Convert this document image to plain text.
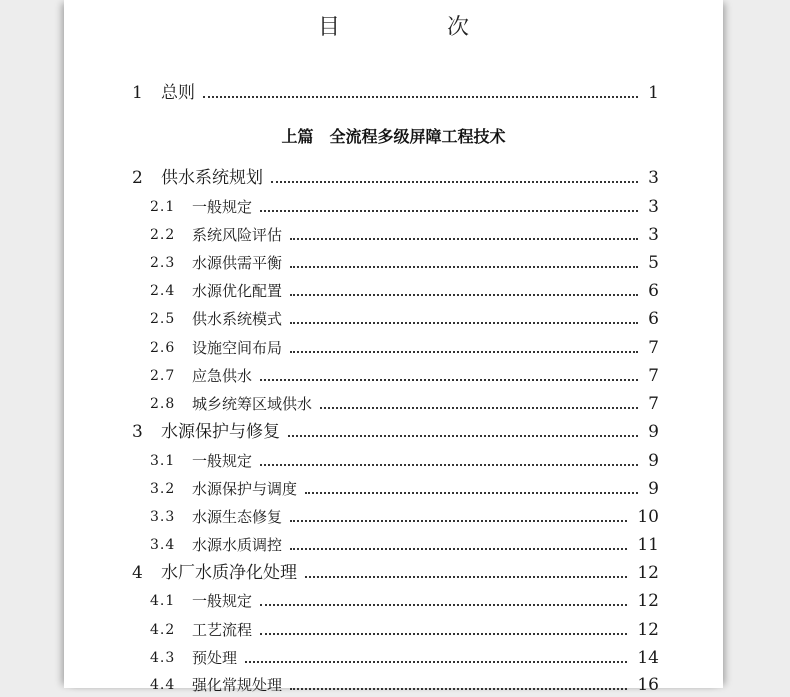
目 次
1 总则	1
上篇　全流程多级屏障工程技术
2 供水系统规划	3
2.1 一般规定	3
2.2 系统风险评估	3
2.3 水源供需平衡	5
2.4 水源优化配置	6
2.5 供水系统模式	6
2.6 设施空间布局	7
2.7 应急供水	7
2.8 城乡统筹区域供水	7
3 水源保护与修复	9
3.1 一般规定	9
3.2 水源保护与调度	9
3.3 水源生态修复	10
3.4 水源水质调控	11
4 水厂水质净化处理	12
4.1 一般规定	12
4.2 工艺流程	12
4.3 预处理	14
4.4 强化常规处理	16
